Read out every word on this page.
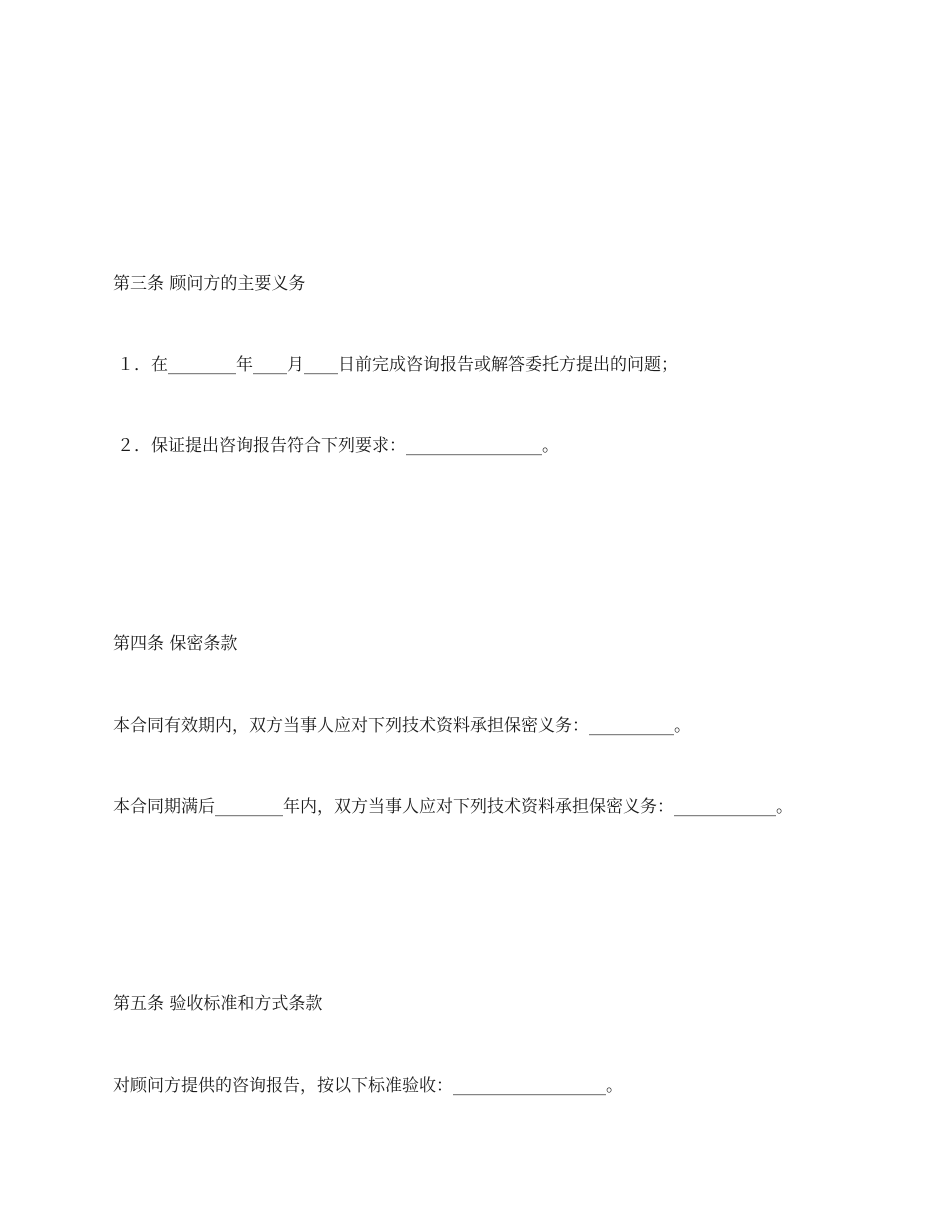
第三条 顾问方的主要义务

１．在________年____月____日前完成咨询报告或解答委托方提出的问题；

２．保证提出咨询报告符合下列要求：________________。

第四条 保密条款

本合同有效期内，双方当事人应对下列技术资料承担保密义务：__________。

本合同期满后________年内，双方当事人应对下列技术资料承担保密义务：____________。

第五条 验收标准和方式条款

对顾问方提供的咨询报告，按以下标准验收：__________________。
